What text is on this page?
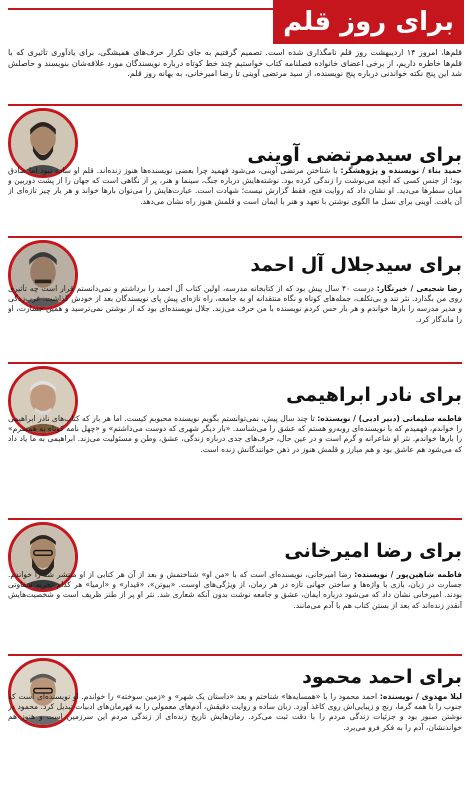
برای روز قلم
قلم‌ها، امروز ۱۴ اردیبهشت روز قلم نامگذاری شده است. تصمیم گرفتیم به‌ جای تکرار حرف‌های همیشگی، برای یادآوری تأثیری که با قلم‌ها خاطره داریم، از برخی اعضای خانواده فصلنامه کتاب خواستیم چند خط کوتاه درباره نویسندگان مورد علاقه‌شان بنویسند و حاصلش شد این پنج نکته خواندنی درباره پنج نویسنده، از سید مرتضی آوینی تا رضا امیرخانی، به بهانه روز قلم.
برای سیدمرتضی آوینی
حمید بناء / نویسنده و پژوهشگر: با شناختن مرتضی آوینی، می‌شود فهمید چرا بعضی نویسنده‌ها هنوز زنده‌اند. قلم او ساده نبود اما صادق بود؛ از جنس کسی که آنچه می‌نوشت را زندگی کرده بود. نوشته‌هایش درباره جنگ، سینما و هنر، پر از نگاهی است که جهان را از پشت دوربین و میان سطرها می‌دید. او نشان داد که روایت فتح، فقط گزارش نیست؛ شهادت است. عبارت‌هایش را می‌توان بارها خواند و هر بار چیز تازه‌ای از آن یافت. آوینی برای نسل ما الگوی نوشتن با تعهد و هنر با ایمان است و قلمش هنوز راه نشان می‌دهد.
برای سیدجلال آل احمد
رضا شجیعی / خبرنگار: درست ۴۰ سال پیش بود که از کتابخانه مدرسه، اولین کتاب آل احمد را برداشتم و نمی‌دانستم قرار است چه تأثیری روی من بگذارد. نثر تند و بی‌تکلف، جمله‌های کوتاه و نگاه منتقدانه او به جامعه، راه تازه‌ای پیش پای نویسندگان بعد از خودش گذاشت. غرب‌زدگی و مدیر مدرسه را بارها خواندم و هر بار حس کردم نویسنده با من حرف می‌زند. جلال نویسنده‌ای بود که از نوشتن نمی‌ترسید و همین جسارت، او را ماندگار کرد.
برای نادر ابراهیمی
فاطمه سلیمانی (دبیر ادبی) / نویسنده: تا چند سال پیش، نمی‌توانستم بگویم نویسنده محبوبم کیست. اما هر بار که کتاب‌های نادر ابراهیمی را خواندم، فهمیدم که با نویسنده‌ای روبه‌رو هستم که عشق را می‌شناسد. «بار دیگر شهری که دوست می‌داشتم» و «چهل نامه کوتاه به همسرم» را بارها خواندم. نثر او شاعرانه و گرم است و در عین حال، حرف‌های جدی درباره زندگی، عشق، وطن و مسئولیت می‌زند. ابراهیمی به ما یاد داد که می‌شود هم عاشق بود و هم مبارز و قلمش هنوز در ذهن خوانندگانش زنده است.
برای رضا امیرخانی
فاطمه شاهین‌پور / نویسنده: رضا امیرخانی، نویسنده‌ای است که با «من او» شناختمش و بعد از آن هر کتابی از او منتشر شد را خواندم. جسارت در زبان، بازی با واژه‌ها و ساختن جهانی تازه در هر رمان، از ویژگی‌های اوست. «بیوتن»، «قیدار» و «ارمیا» هر کدام تجربه متفاوتی بودند. امیرخانی نشان داد که می‌شود درباره ایمان، عشق و جامعه نوشت بدون آنکه شعاری شد. نثر او پر از طنز ظریف است و شخصیت‌هایش آنقدر زنده‌اند که بعد از بستن کتاب هم با آدم می‌مانند.
برای احمد محمود
لیلا مهدوی / نویسنده: احمد محمود را با «همسایه‌ها» شناختم و بعد «داستان یک شهر» و «زمین سوخته» را خواندم. او نویسنده‌ای است که جنوب را با همه گرما، رنج و زیبایی‌اش روی کاغذ آورد. زبان ساده و روایت دقیقش، آدم‌های معمولی را به قهرمان‌های ادبیات تبدیل کرد. محمود در نوشتن صبور بود و جزئیات زندگی مردم را با دقت ثبت می‌کرد. رمان‌هایش تاریخ زنده‌ای از زندگی مردم این سرزمین است و هنوز هم خواندنشان، آدم را به فکر فرو می‌برد.
